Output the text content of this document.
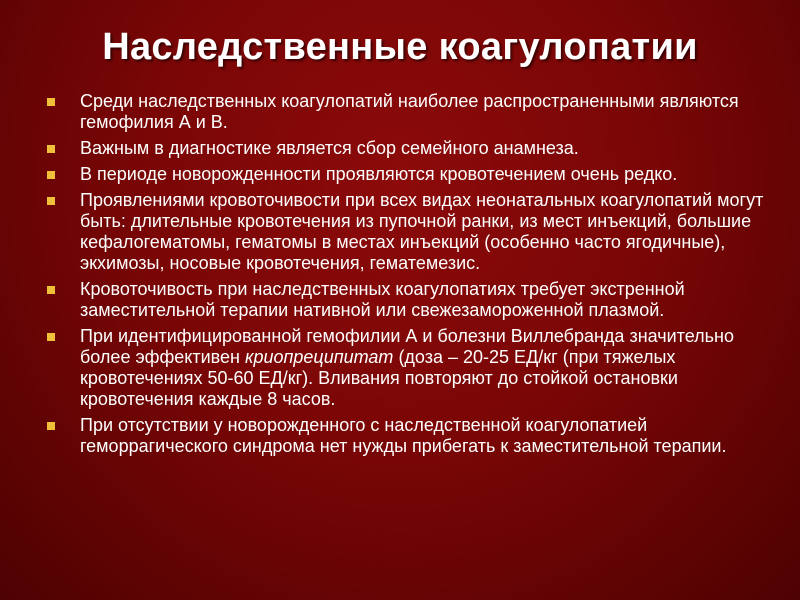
Наследственные коагулопатии
Среди наследственных коагулопатий наиболее распространенными являются гемофилия А и В.
Важным в диагностике является сбор семейного анамнеза.
В периоде новорожденности проявляются кровотечением очень редко.
Проявлениями кровоточивости при всех видах неонатальных коагулопатий могут быть: длительные кровотечения из пупочной ранки, из мест инъекций, большие кефалогематомы, гематомы в местах инъекций (особенно часто ягодичные), экхимозы, носовые кровотечения, гематемезис.
Кровоточивость при наследственных коагулопатиях требует экстренной заместительной терапии нативной или свежезамороженной плазмой.
При идентифицированной гемофилии А и болезни Виллебранда значительно более эффективен криопреципитат (доза – 20-25 ЕД/кг (при тяжелых кровотечениях 50-60 ЕД/кг). Вливания повторяют до стойкой остановки кровотечения каждые 8 часов.
При отсутствии у новорожденного с наследственной коагулопатией геморрагического синдрома нет нужды прибегать к заместительной терапии.
